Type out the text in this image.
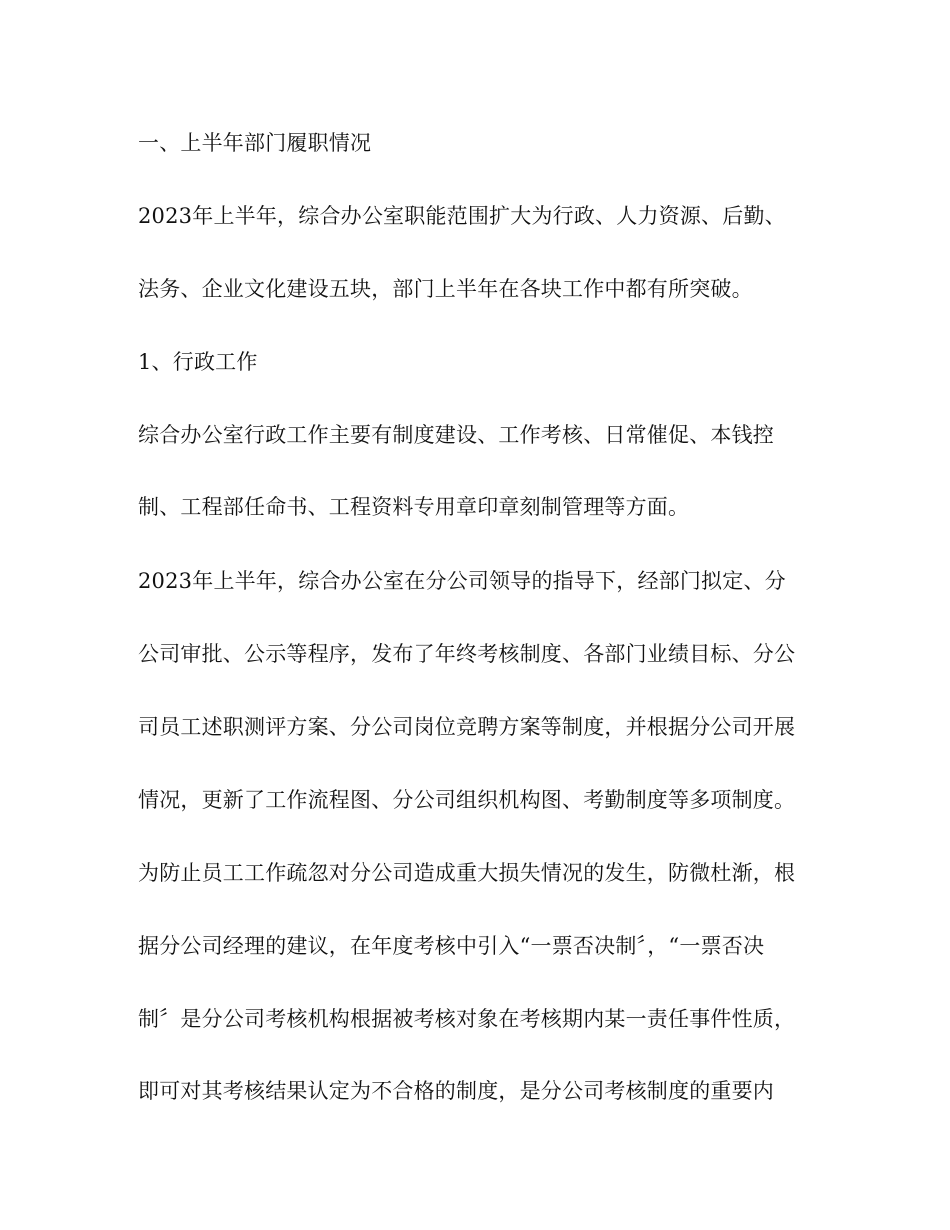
一、上半年部门履职情况

2023年上半年，综合办公室职能范围扩大为行政、人力资源、后勤、

法务、企业文化建设五块，部门上半年在各块工作中都有所突破。

1、行政工作

综合办公室行政工作主要有制度建设、工作考核、日常催促、本钱控

制、工程部任命书、工程资料专用章印章刻制管理等方面。

2023年上半年，综合办公室在分公司领导的指导下，经部门拟定、分

公司审批、公示等程序，发布了年终考核制度、各部门业绩目标、分公

司员工述职测评方案、分公司岗位竞聘方案等制度，并根据分公司开展

情况，更新了工作流程图、分公司组织机构图、考勤制度等多项制度。

为防止员工工作疏忽对分公司造成重大损失情况的发生，防微杜渐，根

据分公司经理的建议，在年度考核中引入“一票否决制〞，“一票否决

制〞是分公司考核机构根据被考核对象在考核期内某一责任事件性质，

即可对其考核结果认定为不合格的制度，是分公司考核制度的重要内
